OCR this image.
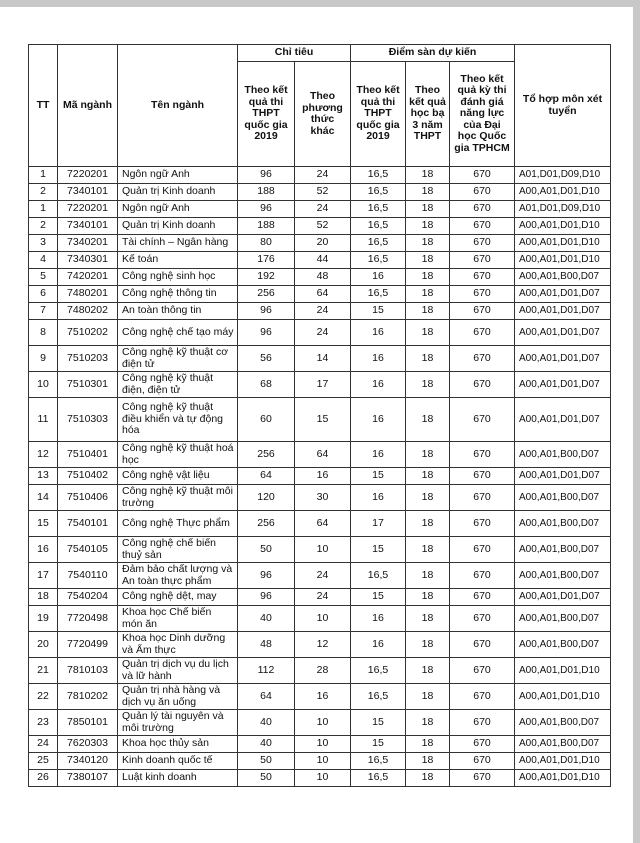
TT	Mã ngành	Tên ngành	Chỉ tiêu		Điểm sàn dự kiến			Tổ hợp môn xét tuyển
			Theo kết quả thi THPT quốc gia 2019	Theo phương thức khác	Theo kết quả thi THPT quốc gia 2019	Theo kết quả học bạ 3 năm THPT	Theo kết quả kỳ thi đánh giá năng lực của Đại học Quốc gia TPHCM	
1	7220201	Ngôn ngữ Anh	96	24	16,5	18	670	A01,D01,D09,D10
2	7340101	Quản trị Kinh doanh	188	52	16,5	18	670	A00,A01,D01,D10
1	7220201	Ngôn ngữ Anh	96	24	16,5	18	670	A01,D01,D09,D10
2	7340101	Quản trị Kinh doanh	188	52	16,5	18	670	A00,A01,D01,D10
3	7340201	Tài chính – Ngân hàng	80	20	16,5	18	670	A00,A01,D01,D10
4	7340301	Kế toán	176	44	16,5	18	670	A00,A01,D01,D10
5	7420201	Công nghệ sinh học	192	48	16	18	670	A00,A01,B00,D07
6	7480201	Công nghệ thông tin	256	64	16,5	18	670	A00,A01,D01,D07
7	7480202	An toàn thông tin	96	24	15	18	670	A00,A01,D01,D07
8	7510202	Công nghệ chế tạo máy	96	24	16	18	670	A00,A01,D01,D07
9	7510203	Công nghệ kỹ thuật cơ điện tử	56	14	16	18	670	A00,A01,D01,D07
10	7510301	Công nghệ kỹ thuật điện, điện tử	68	17	16	18	670	A00,A01,D01,D07
11	7510303	Công nghệ kỹ thuật điều khiển và tự động hóa	60	15	16	18	670	A00,A01,D01,D07
12	7510401	Công nghệ kỹ thuật hoá học	256	64	16	18	670	A00,A01,B00,D07
13	7510402	Công nghệ vật liệu	64	16	15	18	670	A00,A01,D01,D07
14	7510406	Công nghệ kỹ thuật môi trường	120	30	16	18	670	A00,A01,B00,D07
15	7540101	Công nghệ Thực phẩm	256	64	17	18	670	A00,A01,B00,D07
16	7540105	Công nghệ chế biến thuỷ sản	50	10	15	18	670	A00,A01,B00,D07
17	7540110	Đảm bảo chất lượng và An toàn thực phẩm	96	24	16,5	18	670	A00,A01,B00,D07
18	7540204	Công nghệ dệt, may	96	24	15	18	670	A00,A01,D01,D07
19	7720498	Khoa học Chế biến món ăn	40	10	16	18	670	A00,A01,B00,D07
20	7720499	Khoa học Dinh dưỡng và Ẩm thực	48	12	16	18	670	A00,A01,B00,D07
21	7810103	Quản trị dịch vụ du lịch và lữ hành	112	28	16,5	18	670	A00,A01,D01,D10
22	7810202	Quản trị nhà hàng và dịch vụ ăn uống	64	16	16,5	18	670	A00,A01,D01,D10
23	7850101	Quản lý tài nguyên và môi trường	40	10	15	18	670	A00,A01,B00,D07
24	7620303	Khoa học thủy sản	40	10	15	18	670	A00,A01,B00,D07
25	7340120	Kinh doanh quốc tế	50	10	16,5	18	670	A00,A01,D01,D10
26	7380107	Luật kinh doanh	50	10	16,5	18	670	A00,A01,D01,D10
